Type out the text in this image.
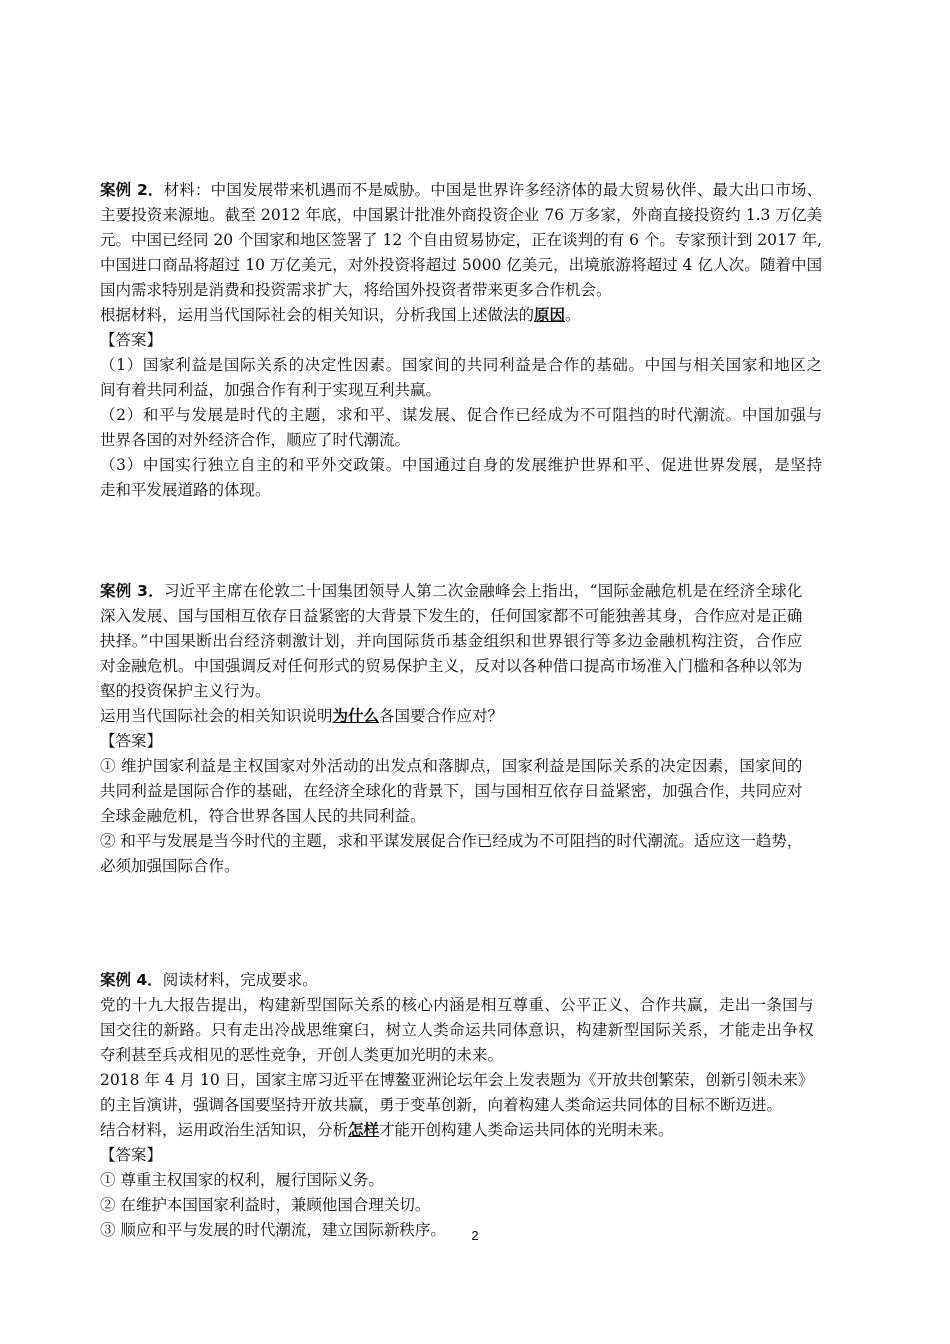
案例 2．材料：中国发展带来机遇而不是威胁。中国是世界许多经济体的最大贸易伙伴、最大出口市场、
主要投资来源地。截至 2012 年底，中国累计批准外商投资企业 76 万多家，外商直接投资约 1.3 万亿美
元。中国已经同 20 个国家和地区签署了 12 个自由贸易协定，正在谈判的有 6 个。专家预计到 2017 年,
中国进口商品将超过 10 万亿美元，对外投资将超过 5000 亿美元，出境旅游将超过 4 亿人次。随着中国
国内需求特别是消费和投资需求扩大，将给国外投资者带来更多合作机会。
根据材料，运用当代国际社会的相关知识，分析我国上述做法的原因。
【答案】
（1）国家利益是国际关系的决定性因素。国家间的共同利益是合作的基础。中国与相关国家和地区之
间有着共同利益，加强合作有利于实现互利共赢。
（2）和平与发展是时代的主题，求和平、谋发展、促合作已经成为不可阻挡的时代潮流。中国加强与
世界各国的对外经济合作，顺应了时代潮流。
（3）中国实行独立自主的和平外交政策。中国通过自身的发展维护世界和平、促进世界发展，是坚持
走和平发展道路的体现。
案例 3．习近平主席在伦敦二十国集团领导人第二次金融峰会上指出，“国际金融危机是在经济全球化
深入发展、国与国相互依存日益紧密的大背景下发生的，任何国家都不可能独善其身，合作应对是正确
抉择。”中国果断出台经济刺激计划，并向国际货币基金组织和世界银行等多边金融机构注资，合作应
对金融危机。中国强调反对任何形式的贸易保护主义，反对以各种借口提高市场准入门槛和各种以邻为
壑的投资保护主义行为。
运用当代国际社会的相关知识说明为什么各国要合作应对？
【答案】
① 维护国家利益是主权国家对外活动的出发点和落脚点，国家利益是国际关系的决定因素，国家间的
共同利益是国际合作的基础，在经济全球化的背景下，国与国相互依存日益紧密，加强合作，共同应对
全球金融危机，符合世界各国人民的共同利益。
② 和平与发展是当今时代的主题，求和平谋发展促合作已经成为不可阻挡的时代潮流。适应这一趋势，
必须加强国际合作。
案例 4．阅读材料，完成要求。
党的十九大报告提出，构建新型国际关系的核心内涵是相互尊重、公平正义、合作共赢，走出一条国与
国交往的新路。只有走出冷战思维窠臼，树立人类命运共同体意识，构建新型国际关系，才能走出争权
夺利甚至兵戎相见的恶性竞争，开创人类更加光明的未来。
2018 年 4 月 10 日，国家主席习近平在博鳌亚洲论坛年会上发表题为《开放共创繁荣，创新引领未来》
的主旨演讲，强调各国要坚持开放共赢，勇于变革创新，向着构建人类命运共同体的目标不断迈进。
结合材料，运用政治生活知识，分析怎样才能开创构建人类命运共同体的光明未来。
【答案】
① 尊重主权国家的权利，履行国际义务。
② 在维护本国国家利益时，兼顾他国合理关切。
③ 顺应和平与发展的时代潮流，建立国际新秩序。	2
